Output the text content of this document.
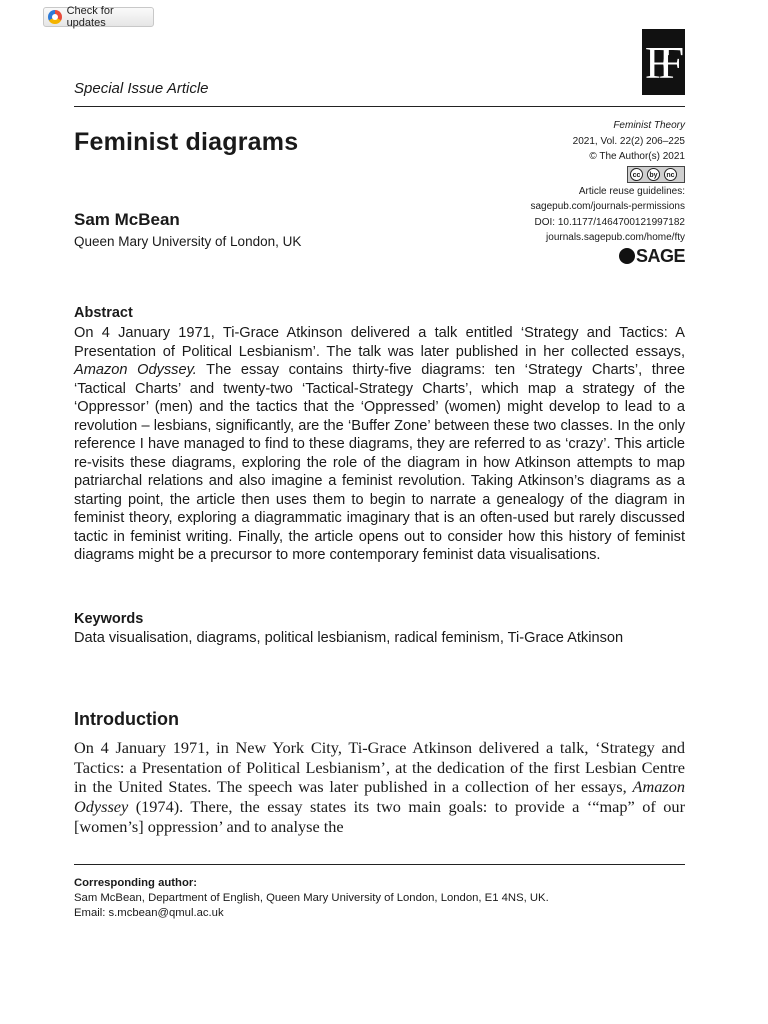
Check for updates
F F
Special Issue Article
Feminist diagrams
Sam McBean
Queen Mary University of London, UK
Feminist Theory
2021, Vol. 22(2) 206–225
© The Author(s) 2021
cc	by	nc
Article reuse guidelines:
sagepub.com/journals-permissions
DOI: 10.1177/1464700121997182
journals.sagepub.com/home/fty
SAGE
Abstract
On 4 January 1971, Ti-Grace Atkinson delivered a talk entitled ‘Strategy and Tactics: A Presentation of Political Lesbianism’. The talk was later published in her collected essays, Amazon Odyssey. The essay contains thirty-five diagrams: ten ‘Strategy Charts’, three ‘Tactical Charts’ and twenty-two ‘Tactical-Strategy Charts’, which map a strategy of the ‘Oppressor’ (men) and the tactics that the ‘Oppressed’ (women) might develop to lead to a revolution – lesbians, significantly, are the ‘Buffer Zone’ between these two classes. In the only reference I have managed to find to these diagrams, they are referred to as ‘crazy’. This article re-visits these diagrams, exploring the role of the diagram in how Atkinson attempts to map patriarchal relations and also imagine a feminist revolution. Taking Atkinson’s diagrams as a starting point, the article then uses them to begin to narrate a genealogy of the diagram in feminist theory, exploring a diagrammatic imaginary that is an often-used but rarely discussed tactic in feminist writing. Finally, the article opens out to consider how this history of feminist diagrams might be a precursor to more contemporary feminist data visualisations.
Keywords
Data visualisation, diagrams, political lesbianism, radical feminism, Ti-Grace Atkinson
Introduction
On 4 January 1971, in New York City, Ti-Grace Atkinson delivered a talk, ‘Strategy and Tactics: a Presentation of Political Lesbianism’, at the dedication of the first Lesbian Centre in the United States. The speech was later published in a collection of her essays, Amazon Odyssey (1974). There, the essay states its two main goals: to provide a ‘“map” of our [women’s] oppression’ and to analyse the
Corresponding author:
Sam McBean, Department of English, Queen Mary University of London, London, E1 4NS, UK.
Email: s.mcbean@qmul.ac.uk
